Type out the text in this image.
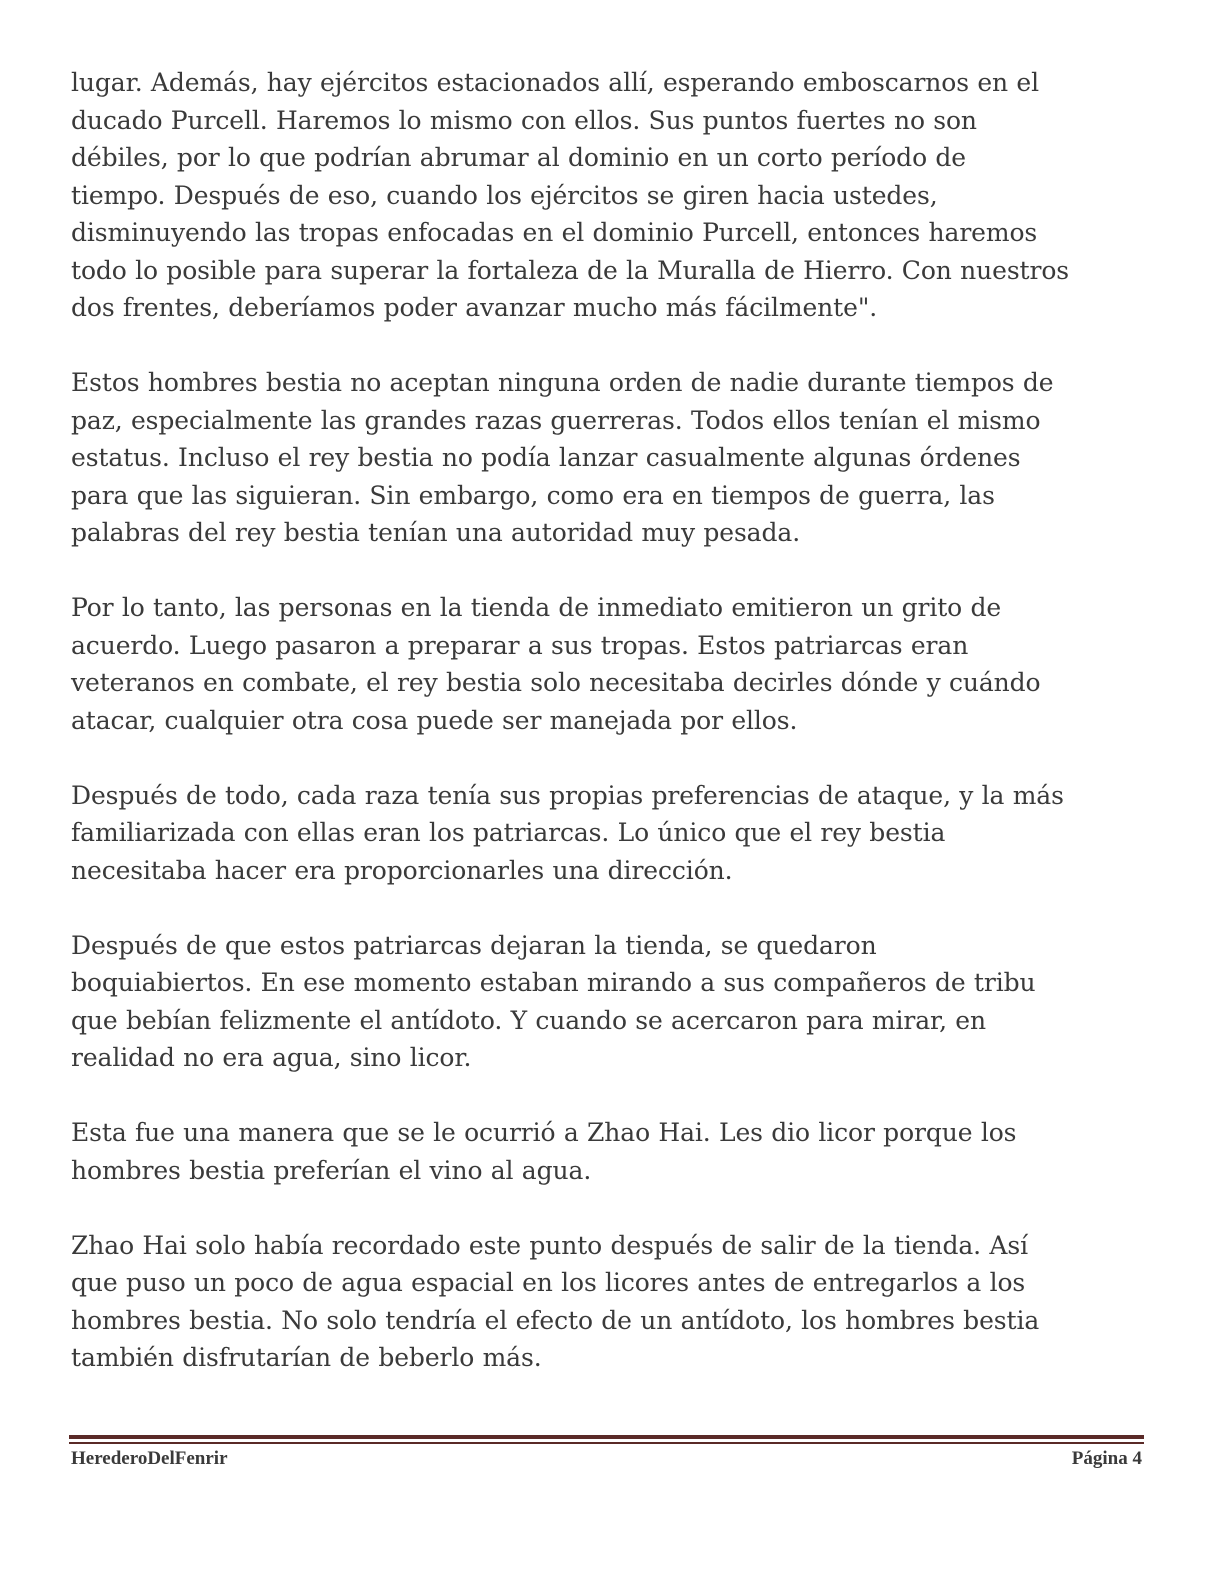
lugar. Además, hay ejércitos estacionados allí, esperando emboscarnos en el
ducado Purcell. Haremos lo mismo con ellos. Sus puntos fuertes no son
débiles, por lo que podrían abrumar al dominio en un corto período de
tiempo. Después de eso, cuando los ejércitos se giren hacia ustedes,
disminuyendo las tropas enfocadas en el dominio Purcell, entonces haremos
todo lo posible para superar la fortaleza de la Muralla de Hierro. Con nuestros
dos frentes, deberíamos poder avanzar mucho más fácilmente".

Estos hombres bestia no aceptan ninguna orden de nadie durante tiempos de
paz, especialmente las grandes razas guerreras. Todos ellos tenían el mismo
estatus. Incluso el rey bestia no podía lanzar casualmente algunas órdenes
para que las siguieran. Sin embargo, como era en tiempos de guerra, las
palabras del rey bestia tenían una autoridad muy pesada.

Por lo tanto, las personas en la tienda de inmediato emitieron un grito de
acuerdo. Luego pasaron a preparar a sus tropas. Estos patriarcas eran
veteranos en combate, el rey bestia solo necesitaba decirles dónde y cuándo
atacar, cualquier otra cosa puede ser manejada por ellos.

Después de todo, cada raza tenía sus propias preferencias de ataque, y la más
familiarizada con ellas eran los patriarcas. Lo único que el rey bestia
necesitaba hacer era proporcionarles una dirección.

Después de que estos patriarcas dejaran la tienda, se quedaron
boquiabiertos. En ese momento estaban mirando a sus compañeros de tribu
que bebían felizmente el antídoto. Y cuando se acercaron para mirar, en
realidad no era agua, sino licor.

Esta fue una manera que se le ocurrió a Zhao Hai. Les dio licor porque los
hombres bestia preferían el vino al agua.

Zhao Hai solo había recordado este punto después de salir de la tienda. Así
que puso un poco de agua espacial en los licores antes de entregarlos a los
hombres bestia. No solo tendría el efecto de un antídoto, los hombres bestia
también disfrutarían de beberlo más.

HerederoDelFenrir	Página 4
